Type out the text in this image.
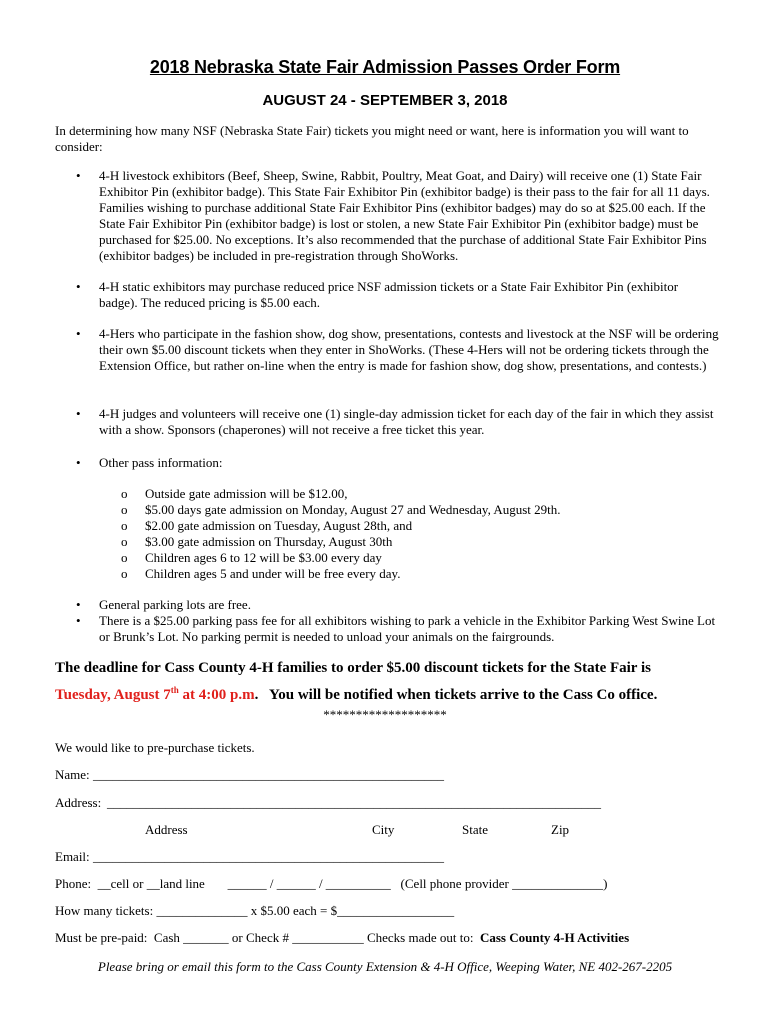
2018 Nebraska State Fair Admission Passes Order Form
AUGUST 24 - SEPTEMBER 3, 2018
In determining how many NSF (Nebraska State Fair) tickets you might need or want, here is information you will want to consider:
• 4-H livestock exhibitors (Beef, Sheep, Swine, Rabbit, Poultry, Meat Goat, and Dairy) will receive one (1) State Fair Exhibitor Pin (exhibitor badge). This State Fair Exhibitor Pin (exhibitor badge) is their pass to the fair for all 11 days. Families wishing to purchase additional State Fair Exhibitor Pins (exhibitor badges) may do so at $25.00 each. If the State Fair Exhibitor Pin (exhibitor badge) is lost or stolen, a new State Fair Exhibitor Pin (exhibitor badge) must be purchased for $25.00. No exceptions. It’s also recommended that the purchase of additional State Fair Exhibitor Pins (exhibitor badges) be included in pre-registration through ShoWorks.
• 4-H static exhibitors may purchase reduced price NSF admission tickets or a State Fair Exhibitor Pin (exhibitor badge). The reduced pricing is $5.00 each.
• 4-Hers who participate in the fashion show, dog show, presentations, contests and livestock at the NSF will be ordering their own $5.00 discount tickets when they enter in ShoWorks. (These 4-Hers will not be ordering tickets through the Extension Office, but rather on-line when the entry is made for fashion show, dog show, presentations, and contests.)
• 4-H judges and volunteers will receive one (1) single-day admission ticket for each day of the fair in which they assist with a show. Sponsors (chaperones) will not receive a free ticket this year.
• Other pass information:
o Outside gate admission will be $12.00,
o $5.00 days gate admission on Monday, August 27 and Wednesday, August 29th.
o $2.00 gate admission on Tuesday, August 28th, and
o $3.00 gate admission on Thursday, August 30th
o Children ages 6 to 12 will be $3.00 every day
o Children ages 5 and under will be free every day.
• General parking lots are free.
• There is a $25.00 parking pass fee for all exhibitors wishing to park a vehicle in the Exhibitor Parking West Swine Lot or Brunk’s Lot. No parking permit is needed to unload your animals on the fairgrounds.
The deadline for Cass County 4-H families to order $5.00 discount tickets for the State Fair is
Tuesday, August 7th at 4:00 p.m.   You will be notified when tickets arrive to the Cass Co office.
*******************
We would like to pre-purchase tickets.
Name: ______________________________________________________
Address: ____________________________________________________________________________
Address	City	State	Zip
Email: ______________________________________________________
Phone:  __cell or __land line       ______ / ______ / __________   (Cell phone provider ______________)
How many tickets: ______________ x $5.00 each = $__________________
Must be pre-paid:  Cash _______ or Check # ___________ Checks made out to:  Cass County 4-H Activities
Please bring or email this form to the Cass County Extension & 4-H Office, Weeping Water, NE 402-267-2205
